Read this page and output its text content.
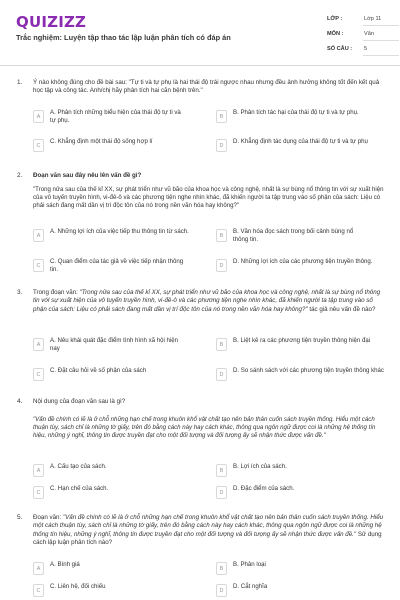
QUIZIZZ
Trắc nghiệm: Luyện tập thao tác lập luận phân tích có đáp án
LỚP :	Lớp 11
MÔN :	Văn
SỐ CÂU : 5
1. Ý nào không đúng cho đề bài sau: "Tự ti và tự phụ là hai thái độ trái ngược nhau nhưng đều ảnh hưởng không tốt đến kết quả học tập và công tác. Anh/chị hãy phân tích hai căn bệnh trên."
A
A. Phân tích những biểu hiện của thái độ tự ti và tự phụ.
B
B. Phân tích tác hại của thái độ tự ti và tự phụ.
C
C. Khẳng định một thái độ sống hợp lí
D
D. Khẳng định tác dụng của thái độ tự ti và tự phụ
2. Đoạn văn sau đây nêu lên vấn đề gì?
"Trong nửa sau của thế kỉ XX, sự phát triển như vũ bão của khoa học và công nghệ, nhất là sự bùng nổ thông tin với sự xuất hiện của vô tuyến truyền hình, vi-đê-ô và các phương tiện nghe nhìn khác, đã khiến người ta tập trung vào số phận của sách: Liệu có phải sách đang mất dần vị trí độc tôn của nó trong nền văn hóa hay không?"
A
A. Những lợi ích của việc tiếp thu thông tin từ sách.
B
B. Văn hóa đọc sách trong bối cảnh bùng nổ thông tin.
C
C. Quan điểm của tác giả về việc tiếp nhận thông tin.
D
D. Những lợi ích của các phương tiện truyền thông.
3. Trong đoạn văn: "Trong nửa sau của thế kỉ XX, sự phát triển như vũ bão của khoa học và công nghệ, nhất là sự bùng nổ thông tin với sự xuất hiện của vô tuyến truyền hình, vi-đê-ô và các phương tiện nghe nhìn khác, đã khiến người ta tập trung vào số phận của sách: Liệu có phải sách đang mất dần vị trí độc tôn của nó trong nền văn hóa hay không?" tác giả nêu vấn đề nào?
A
A. Nêu khái quát đặc điểm tình hình xã hội hiện nay
B
B. Liệt kê ra các phương tiện truyền thông hiện đại
C
C. Đặt câu hỏi về số phận của sách
D
D. So sánh sách với các phương tiện truyền thông khác
4. Nội dung của đoạn văn sau là gì?
"Vấn đề chính có lẽ là ở chỗ những hạn chế trong khuôn khổ vật chất tạo nên bản thân cuốn sách truyền thống. Hiểu một cách thuận tùy, sách chỉ là những tờ giấy, trên đó bằng cách này hay cách khác, thông qua ngôn ngữ được coi là những hệ thống tín hiệu, những ý nghĩ, thông tin được truyền đạt cho một đối tượng và đối tượng ấy sẽ nhận thức được vấn đề."
A
A. Cấu tạo của sách.
B
B. Lợi ích của sách.
C
C. Hạn chế của sách.
D
D. Đặc điểm của sách.
5. Đoạn văn: "Vấn đề chính có lẽ là ở chỗ những hạn chế trong khuôn khổ vật chất tạo nên bản thân cuốn sách truyền thống. Hiểu một cách thuận tùy, sách chỉ là những tờ giấy, trên đó bằng cách này hay cách khác, thông qua ngôn ngữ được coi là những hệ thống tín hiệu, những ý nghĩ, thông tin được truyền đạt cho một đối tượng và đối tượng ấy sẽ nhận thức được vấn đề." Sử dụng cách lập luận phân tích nào?
A
A. Bình giá
B
B. Phân loại
C
C. Liên hệ, đối chiếu
D
D. Cắt nghĩa
